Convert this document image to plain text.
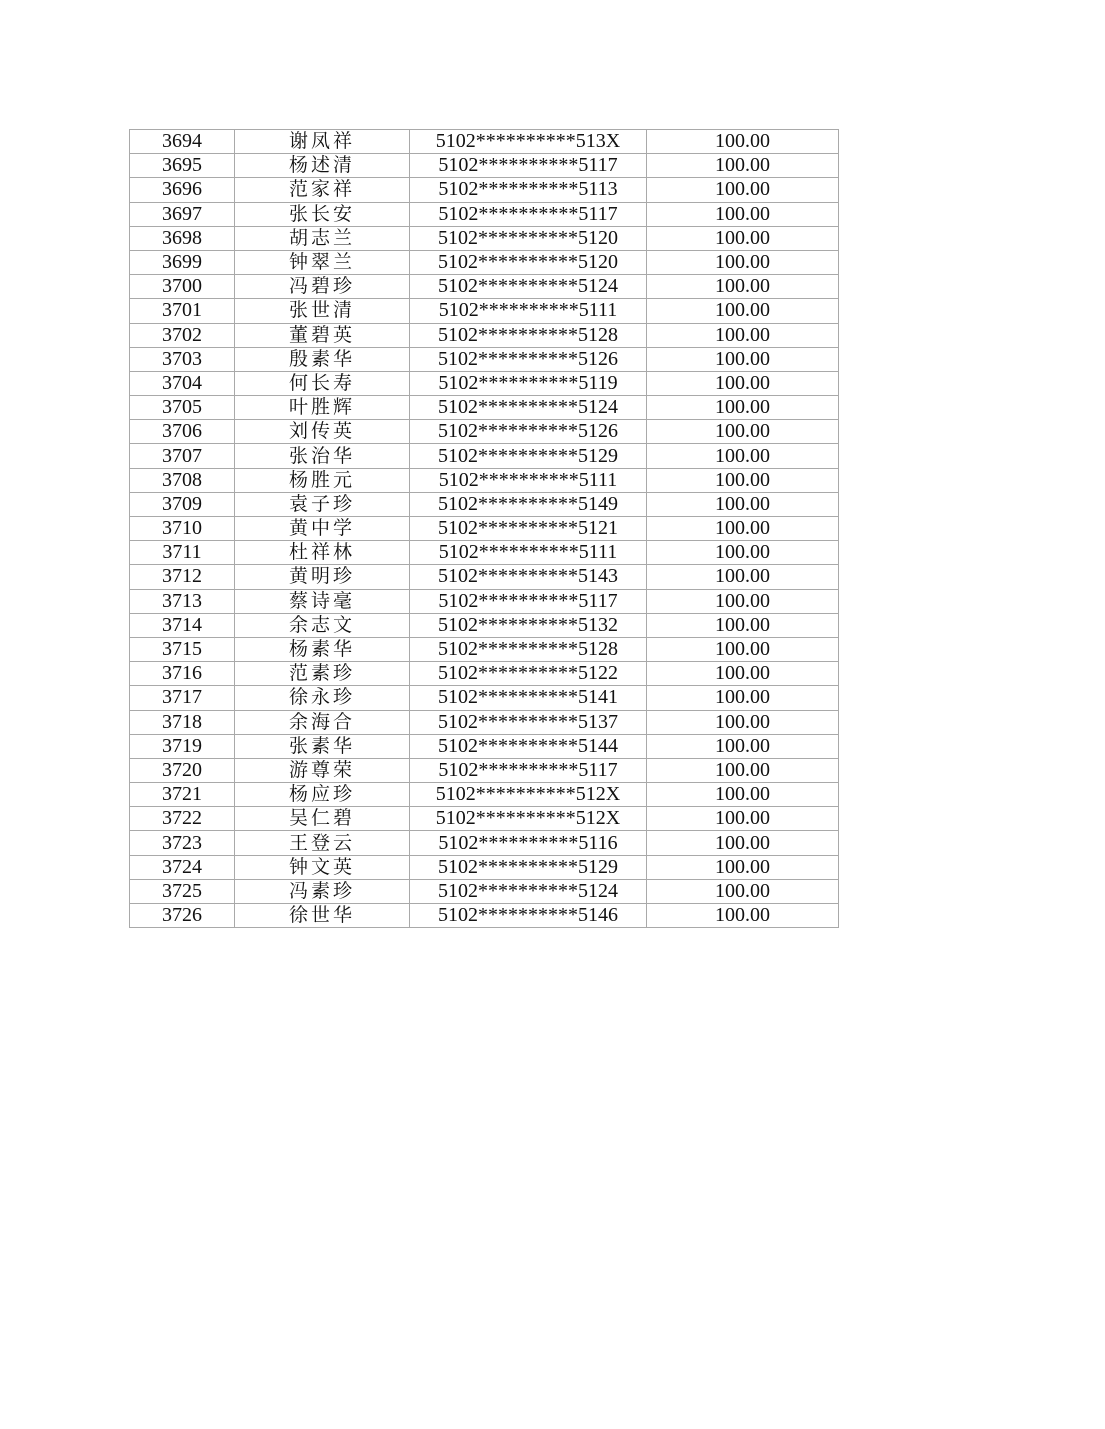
3694	谢凤祥	5102**********513X	100.00
3695	杨述清	5102**********5117	100.00
3696	范家祥	5102**********5113	100.00
3697	张长安	5102**********5117	100.00
3698	胡志兰	5102**********5120	100.00
3699	钟翠兰	5102**********5120	100.00
3700	冯碧珍	5102**********5124	100.00
3701	张世清	5102**********5111	100.00
3702	董碧英	5102**********5128	100.00
3703	殷素华	5102**********5126	100.00
3704	何长寿	5102**********5119	100.00
3705	叶胜辉	5102**********5124	100.00
3706	刘传英	5102**********5126	100.00
3707	张治华	5102**********5129	100.00
3708	杨胜元	5102**********5111	100.00
3709	袁子珍	5102**********5149	100.00
3710	黄中学	5102**********5121	100.00
3711	杜祥林	5102**********5111	100.00
3712	黄明珍	5102**********5143	100.00
3713	蔡诗毫	5102**********5117	100.00
3714	余志文	5102**********5132	100.00
3715	杨素华	5102**********5128	100.00
3716	范素珍	5102**********5122	100.00
3717	徐永珍	5102**********5141	100.00
3718	余海合	5102**********5137	100.00
3719	张素华	5102**********5144	100.00
3720	游尊荣	5102**********5117	100.00
3721	杨应珍	5102**********512X	100.00
3722	吴仁碧	5102**********512X	100.00
3723	王登云	5102**********5116	100.00
3724	钟文英	5102**********5129	100.00
3725	冯素珍	5102**********5124	100.00
3726	徐世华	5102**********5146	100.00
